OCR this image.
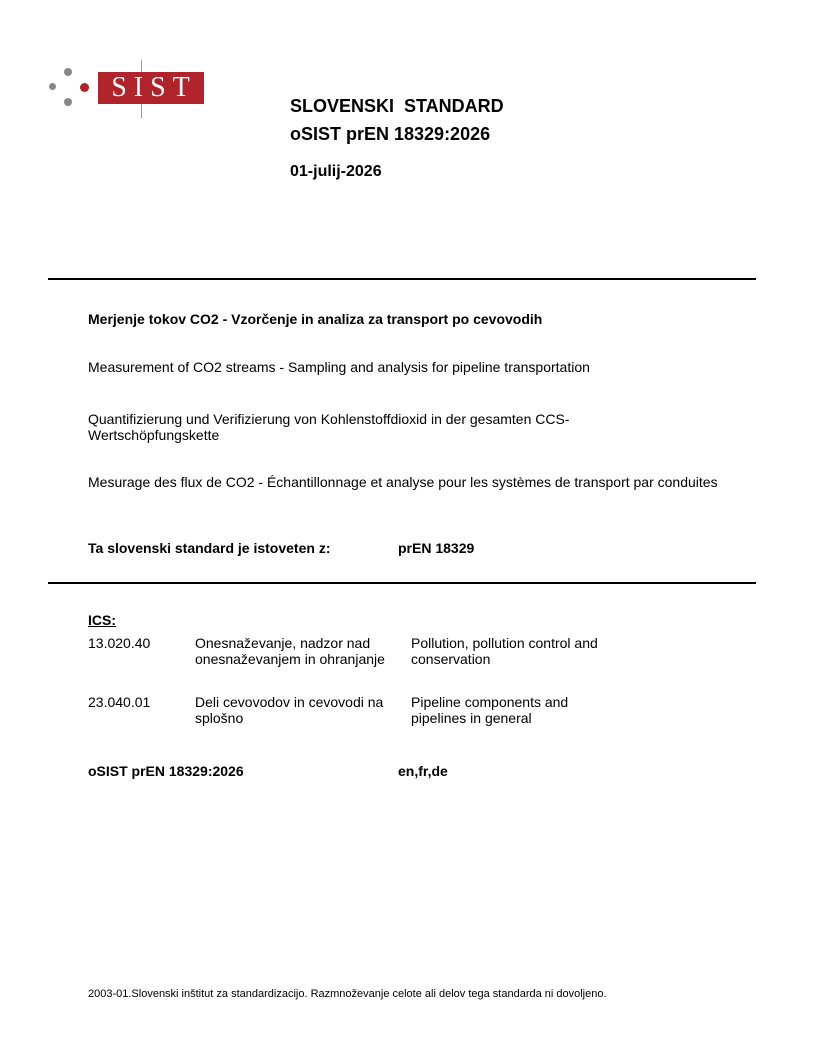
SIST
SLOVENSKI  STANDARD
oSIST prEN 18329:2026
01-julij-2026
Merjenje tokov CO2 - Vzorčenje in analiza za transport po cevovodih
Measurement of CO2 streams - Sampling and analysis for pipeline transportation
Quantifizierung und Verifizierung von Kohlenstoffdioxid in der gesamten CCS-Wertschöpfungskette
Mesurage des flux de CO2 - Échantillonnage et analyse pour les systèmes de transport par conduites
Ta slovenski standard je istoveten z:	prEN 18329
ICS:
13.020.40	Onesnaževanje, nadzor nad onesnaževanjem in ohranjanje
Pollution, pollution control and conservation
23.040.01	Deli cevovodov in cevovodi na splošno
Pipeline components and pipelines in general
oSIST prEN 18329:2026	en,fr,de
2003-01.Slovenski inštitut za standardizacijo. Razmnoževanje celote ali delov tega standarda ni dovoljeno.
